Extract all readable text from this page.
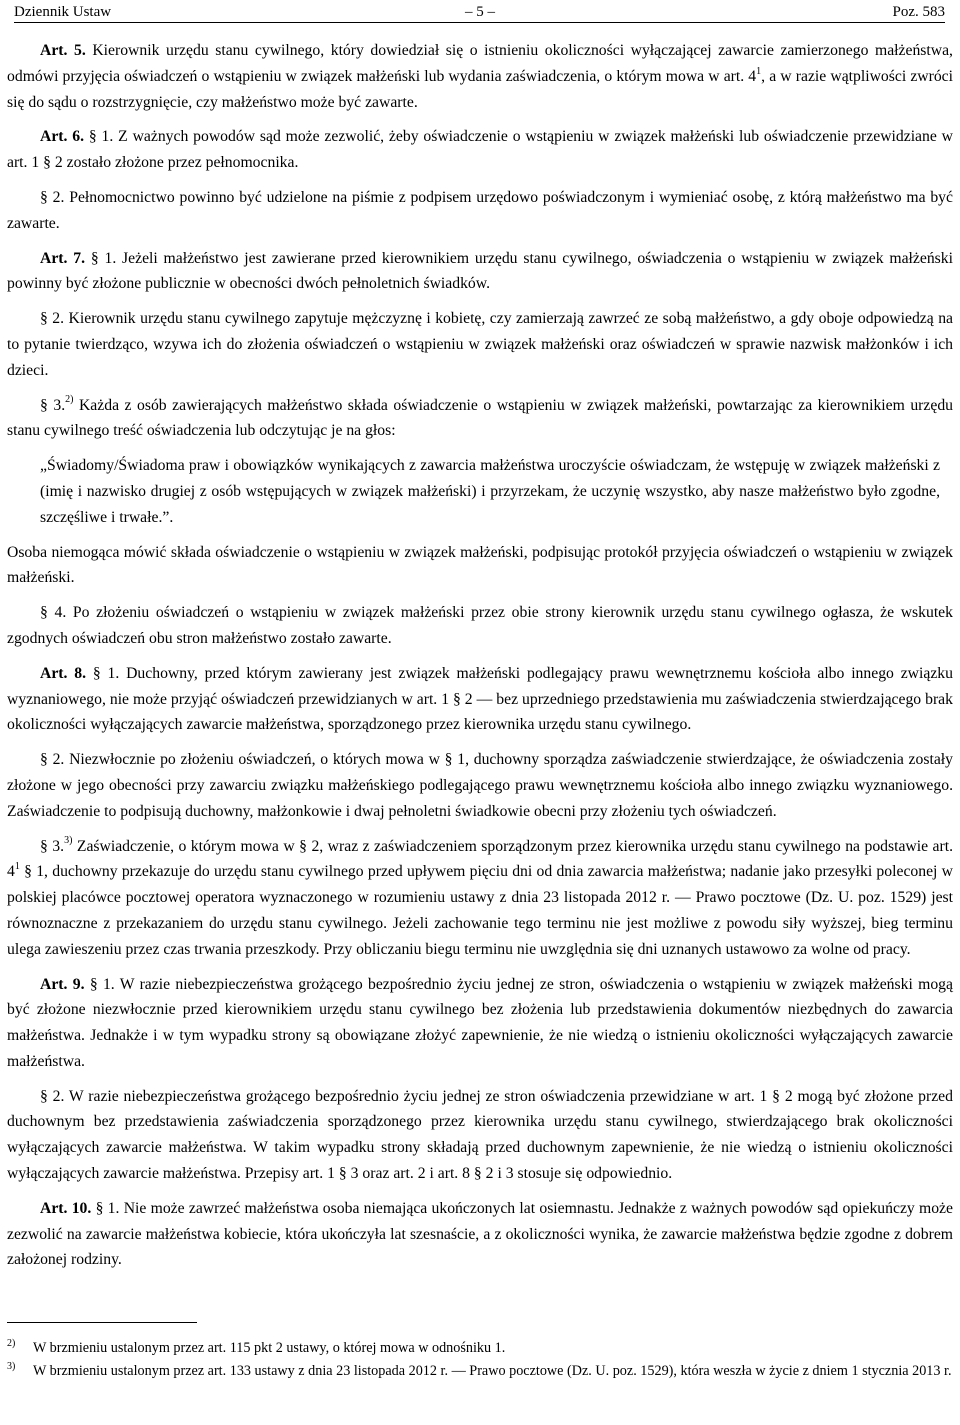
Dziennik Ustaw	– 5 –	Poz. 583

Art. 5. Kierownik urzędu stanu cywilnego, który dowiedział się o istnieniu okoliczności wyłączającej zawarcie zamierzonego małżeństwa, odmówi przyjęcia oświadczeń o wstąpieniu w związek małżeński lub wydania zaświadczenia, o którym mowa w art. $4^1$, a w razie wątpliwości zwróci się do sądu o rozstrzygnięcie, czy małżeństwo może być zawarte.

Art. 6. § 1. Z ważnych powodów sąd może zezwolić, żeby oświadczenie o wstąpieniu w związek małżeński lub oświadczenie przewidziane w art. 1 § 2 zostało złożone przez pełnomocnika.

§ 2. Pełnomocnictwo powinno być udzielone na piśmie z podpisem urzędowo poświadczonym i wymieniać osobę, z którą małżeństwo ma być zawarte.

Art. 7. § 1. Jeżeli małżeństwo jest zawierane przed kierownikiem urzędu stanu cywilnego, oświadczenia o wstąpieniu w związek małżeński powinny być złożone publicznie w obecności dwóch pełnoletnich świadków.

§ 2. Kierownik urzędu stanu cywilnego zapytuje mężczyznę i kobietę, czy zamierzają zawrzeć ze sobą małżeństwo, a gdy oboje odpowiedzą na to pytanie twierdząco, wzywa ich do złożenia oświadczeń o wstąpieniu w związek małżeński oraz oświadczeń w sprawie nazwisk małżonków i ich dzieci.

§ 3.$^{2)}$ Każda z osób zawierających małżeństwo składa oświadczenie o wstąpieniu w związek małżeński, powtarzając za kierownikiem urzędu stanu cywilnego treść oświadczenia lub odczytując je na głos:

„Świadomy/Świadoma praw i obowiązków wynikających z zawarcia małżeństwa uroczyście oświadczam, że wstępuję w związek małżeński z (imię i nazwisko drugiej z osób wstępujących w związek małżeński) i przyrzekam, że uczynię wszystko, aby nasze małżeństwo było zgodne, szczęśliwe i trwałe.”.

Osoba niemogąca mówić składa oświadczenie o wstąpieniu w związek małżeński, podpisując protokół przyjęcia oświadczeń o wstąpieniu w związek małżeński.

§ 4. Po złożeniu oświadczeń o wstąpieniu w związek małżeński przez obie strony kierownik urzędu stanu cywilnego ogłasza, że wskutek zgodnych oświadczeń obu stron małżeństwo zostało zawarte.

Art. 8. § 1. Duchowny, przed którym zawierany jest związek małżeński podlegający prawu wewnętrznemu kościoła albo innego związku wyznaniowego, nie może przyjąć oświadczeń przewidzianych w art. 1 § 2 — bez uprzedniego przedstawienia mu zaświadczenia stwierdzającego brak okoliczności wyłączających zawarcie małżeństwa, sporządzonego przez kierownika urzędu stanu cywilnego.

§ 2. Niezwłocznie po złożeniu oświadczeń, o których mowa w § 1, duchowny sporządza zaświadczenie stwierdzające, że oświadczenia zostały złożone w jego obecności przy zawarciu związku małżeńskiego podlegającego prawu wewnętrznemu kościoła albo innego związku wyznaniowego. Zaświadczenie to podpisują duchowny, małżonkowie i dwaj pełnoletni świadkowie obecni przy złożeniu tych oświadczeń.

§ 3.$^{3)}$ Zaświadczenie, o którym mowa w § 2, wraz z zaświadczeniem sporządzonym przez kierownika urzędu stanu cywilnego na podstawie art. $4^1$ § 1, duchowny przekazuje do urzędu stanu cywilnego przed upływem pięciu dni od dnia zawarcia małżeństwa; nadanie jako przesyłki poleconej w polskiej placówce pocztowej operatora wyznaczonego w rozumieniu ustawy z dnia 23 listopada 2012 r. — Prawo pocztowe (Dz. U. poz. 1529) jest równoznaczne z przekazaniem do urzędu stanu cywilnego. Jeżeli zachowanie tego terminu nie jest możliwe z powodu siły wyższej, bieg terminu ulega zawieszeniu przez czas trwania przeszkody. Przy obliczaniu biegu terminu nie uwzględnia się dni uznanych ustawowo za wolne od pracy.

Art. 9. § 1. W razie niebezpieczeństwa grożącego bezpośrednio życiu jednej ze stron, oświadczenia o wstąpieniu w związek małżeński mogą być złożone niezwłocznie przed kierownikiem urzędu stanu cywilnego bez złożenia lub przedstawienia dokumentów niezbędnych do zawarcia małżeństwa. Jednakże i w tym wypadku strony są obowiązane złożyć zapewnienie, że nie wiedzą o istnieniu okoliczności wyłączających zawarcie małżeństwa.

§ 2. W razie niebezpieczeństwa grożącego bezpośrednio życiu jednej ze stron oświadczenia przewidziane w art. 1 § 2 mogą być złożone przed duchownym bez przedstawienia zaświadczenia sporządzonego przez kierownika urzędu stanu cywilnego, stwierdzającego brak okoliczności wyłączających zawarcie małżeństwa. W takim wypadku strony składają przed duchownym zapewnienie, że nie wiedzą o istnieniu okoliczności wyłączających zawarcie małżeństwa. Przepisy art. 1 § 3 oraz art. 2 i art. 8 § 2 i 3 stosuje się odpowiednio.

Art. 10. § 1. Nie może zawrzeć małżeństwa osoba niemająca ukończonych lat osiemnastu. Jednakże z ważnych powodów sąd opiekuńczy może zezwolić na zawarcie małżeństwa kobiecie, która ukończyła lat szesnaście, a z okoliczności wynika, że zawarcie małżeństwa będzie zgodne z dobrem założonej rodziny.

2) W brzmieniu ustalonym przez art. 115 pkt 2 ustawy, o której mowa w odnośniku 1.
3) W brzmieniu ustalonym przez art. 133 ustawy z dnia 23 listopada 2012 r. — Prawo pocztowe (Dz. U. poz. 1529), która weszła w życie z dniem 1 stycznia 2013 r.
